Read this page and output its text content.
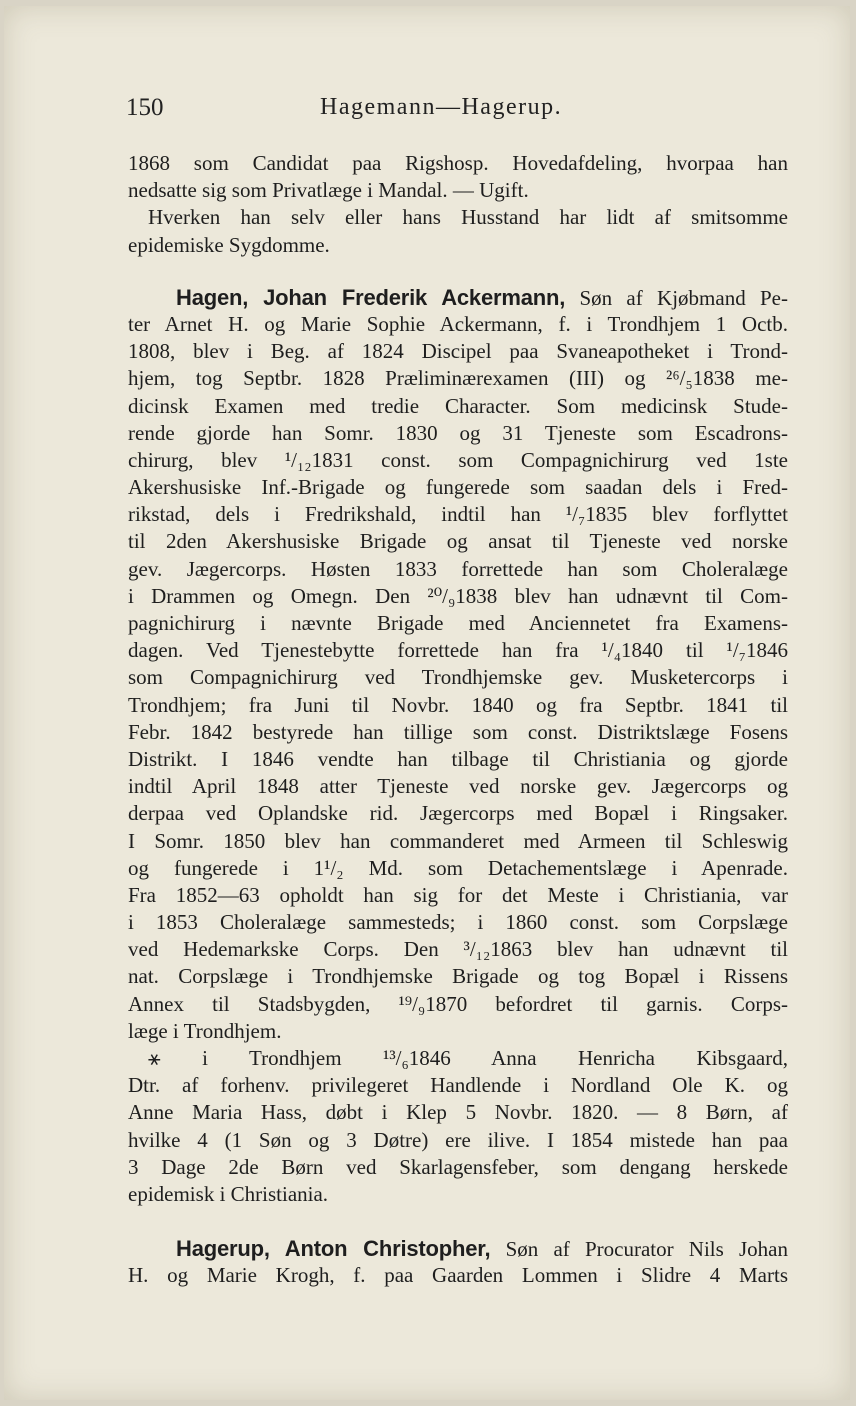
150	Hagemann—Hagerup.
1868 som Candidat paa Rigshosp. Hovedafdeling, hvorpaa han
nedsatte sig som Privatlæge i Mandal. — Ugift.
Hverken han selv eller hans Husstand har lidt af smitsomme
epidemiske Sygdomme.
Hagen, Johan Frederik Ackermann, Søn af Kjøbmand Pe-
ter Arnet H. og Marie Sophie Ackermann, f. i Trondhjem 1 Octb.
1808, blev i Beg. af 1824 Discipel paa Svaneapotheket i Trond-
hjem, tog Septbr. 1828 Præliminærexamen (III) og ²⁶/₅1838 me-
dicinsk Examen med tredie Character. Som medicinsk Stude-
rende gjorde han Somr. 1830 og 31 Tjeneste som Escadrons-
chirurg, blev ¹/₁₂1831 const. som Compagnichirurg ved 1ste
Akershusiske Inf.-Brigade og fungerede som saadan dels i Fred-
rikstad, dels i Fredrikshald, indtil han ¹/₇1835 blev forflyttet
til 2den Akershusiske Brigade og ansat til Tjeneste ved norske
gev. Jægercorps. Høsten 1833 forrettede han som Choleralæge
i Drammen og Omegn. Den ²⁰/₉1838 blev han udnævnt til Com-
pagnichirurg i nævnte Brigade med Anciennetet fra Examens-
dagen. Ved Tjenestebytte forrettede han fra ¹/₄1840 til ¹/₇1846
som Compagnichirurg ved Trondhjemske gev. Musketercorps i
Trondhjem; fra Juni til Novbr. 1840 og fra Septbr. 1841 til
Febr. 1842 bestyrede han tillige som const. Distriktslæge Fosens
Distrikt. I 1846 vendte han tilbage til Christiania og gjorde
indtil April 1848 atter Tjeneste ved norske gev. Jægercorps og
derpaa ved Oplandske rid. Jægercorps med Bopæl i Ringsaker.
I Somr. 1850 blev han commanderet med Armeen til Schleswig
og fungerede i 1¹/₂ Md. som Detachementslæge i Apenrade.
Fra 1852—63 opholdt han sig for det Meste i Christiania, var
i 1853 Choleralæge sammesteds; i 1860 const. som Corpslæge
ved Hedemarkske Corps. Den ³/₁₂1863 blev han udnævnt til
nat. Corpslæge i Trondhjemske Brigade og tog Bopæl i Rissens
Annex til Stadsbygden, ¹⁹/₉1870 befordret til garnis. Corps-
læge i Trondhjem.
⚹ i Trondhjem ¹³/₆1846 Anna Henricha Kibsgaard,
Dtr. af forhenv. privilegeret Handlende i Nordland Ole K. og
Anne Maria Hass, døbt i Klep 5 Novbr. 1820. — 8 Børn, af
hvilke 4 (1 Søn og 3 Døtre) ere ilive. I 1854 mistede han paa
3 Dage 2de Børn ved Skarlagensfeber, som dengang herskede
epidemisk i Christiania.
Hagerup, Anton Christopher, Søn af Procurator Nils Johan
H. og Marie Krogh, f. paa Gaarden Lommen i Slidre 4 Marts
